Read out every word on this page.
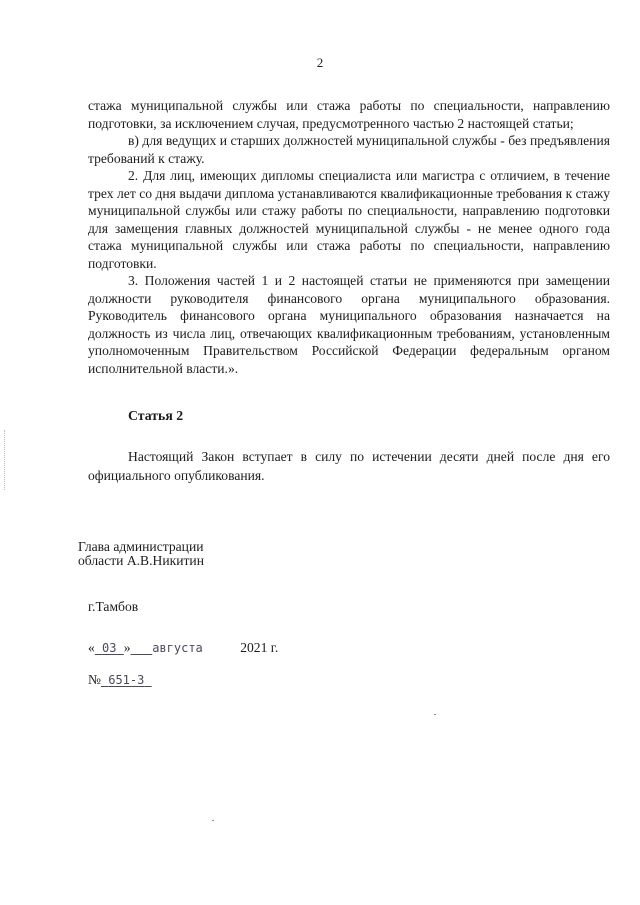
2

стажа муниципальной службы или стажа работы по специальности, направлению подготовки, за исключением случая, предусмотренного частью 2 настоящей статьи;

в) для ведущих и старших должностей муниципальной службы - без предъявления требований к стажу.

2. Для лиц, имеющих дипломы специалиста или магистра с отличием, в течение трех лет со дня выдачи диплома устанавливаются квалификационные требования к стажу муниципальной службы или стажу работы по специальности, направлению подготовки для замещения главных должностей муниципальной службы - не менее одного года стажа муниципальной службы или стажа работы по специальности, направлению подготовки.

3. Положения частей 1 и 2 настоящей статьи не применяются при замещении должности руководителя финансового органа муниципального образования. Руководитель финансового органа муниципального образования назначается на должность из числа лиц, отвечающих квалификационным требованиям, установленным уполномоченным Правительством Российской Федерации федеральным органом исполнительной власти.».

Статья 2

Настоящий Закон вступает в силу по истечении десяти дней после дня его официального опубликования.

Глава администрации
области А.В.Никитин
г.Тамбов
« 03 » августа	2021 г.
№ 651-З
